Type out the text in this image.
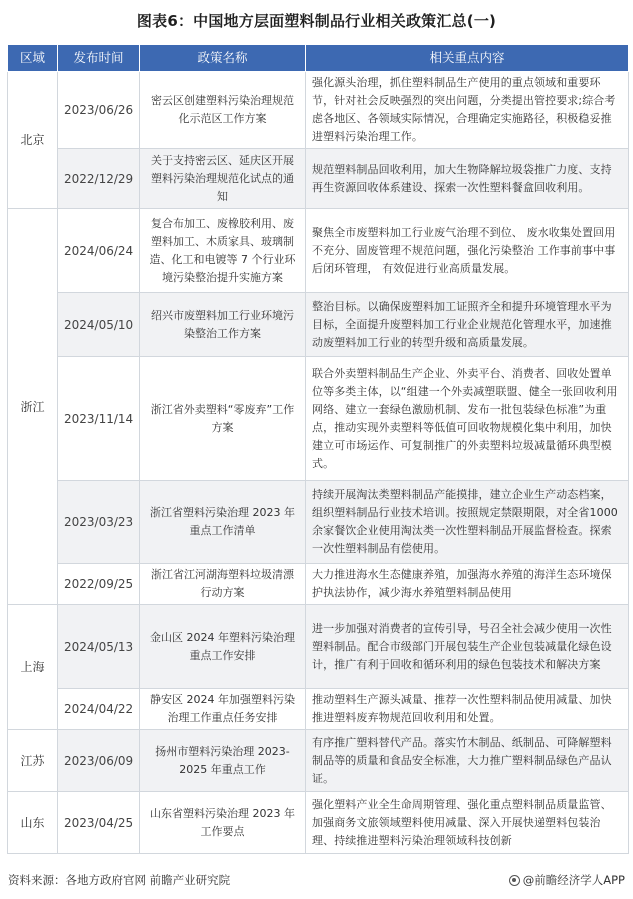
图表6：中国地方层面塑料制品行业相关政策汇总(一)
区域	发布时间	政策名称	相关重点内容
北京	2023/06/26	密云区创建塑料污染治理规范化示范区工作方案	强化源头治理，抓住塑料制品生产使用的重点领域和重要环节，针对社会反映强烈的突出问题，分类提出管控要求;综合考虑各地区、各领域实际情况，合理确定实施路径，积极稳妥推进塑料污染治理工作。
	2022/12/29	关于支持密云区、延庆区开展塑料污染治理规范化试点的通知	规范塑料制品回收利用，加大生物降解垃圾袋推广力度、支持再生资源回收体系建设、探索一次性塑料餐盒回收利用。
浙江	2024/06/24	复合布加工、废橡胶利用、废塑料加工、木质家具、玻璃制造、化工和电镀等 7 个行业环境污染整治提升实施方案	聚焦全市废塑料加工行业废气治理不到位、 废水收集处置回用不充分、固废管理不规范问题，强化污染整治 工作事前事中事后闭环管理， 有效促进行业高质量发展。
	2024/05/10	绍兴市废塑料加工行业环境污染整治工作方案	整治目标。以确保废塑料加工证照齐全和提升环境管理水平为目标，全面提升废塑料加工行业企业规范化管理水平，加速推动废塑料加工行业的转型升级和高质量发展。
	2023/11/14	浙江省外卖塑料“零废弃”工作方案	联合外卖塑料制品生产企业、外卖平台、消费者、回收处置单位等多类主体，以“组建一个外卖减塑联盟、健全一张回收利用网络、建立一套绿色激励机制、发布一批包装绿色标准”为重点，推动实现外卖塑料等低值可回收物规模化集中利用，加快建立可市场运作、可复制推广的外卖塑料垃圾减量循环典型模式。
	2023/03/23	浙江省塑料污染治理 2023 年重点工作清单	持续开展淘汰类塑料制品产能摸排，建立企业生产动态档案，组织塑料制品行业技术培训。按照规定禁限期限，对全省1000余家餐饮企业使用淘汰类一次性塑料制品开展监督检查。探索一次性塑料制品有偿使用。
	2022/09/25	浙江省江河湖海塑料垃圾清漂行动方案	大力推进海水生态健康养殖，加强海水养殖的海洋生态环境保护执法协作，减少海水养殖塑料制品使用
上海	2024/05/13	金山区 2024 年塑料污染治理重点工作安排	进一步加强对消费者的宣传引导，号召全社会减少使用一次性塑料制品。配合市级部门开展包装生产企业包装减量化绿色设计，推广有利于回收和循环利用的绿色包装技术和解决方案
	2024/04/22	静安区 2024 年加强塑料污染治理工作重点任务安排	推动塑料生产源头减量、推荐一次性塑料制品使用减量、加快推进塑料废弃物规范回收利用和处置。
江苏	2023/06/09	扬州市塑料污染治理 2023-2025 年重点工作	有序推广塑料替代产品。落实竹木制品、纸制品、可降解塑料制品等的质量和食品安全标准，大力推广塑料制品绿色产品认证。
山东	2023/04/25	山东省塑料污染治理 2023 年工作要点	强化塑料产业全生命周期管理、强化重点塑料制品质量监管、加强商务文旅领域塑料使用减量、深入开展快递塑料包装治理、持续推进塑料污染治理领域科技创新
资料来源：各地方政府官网 前瞻产业研究院	@前瞻经济学人APP
